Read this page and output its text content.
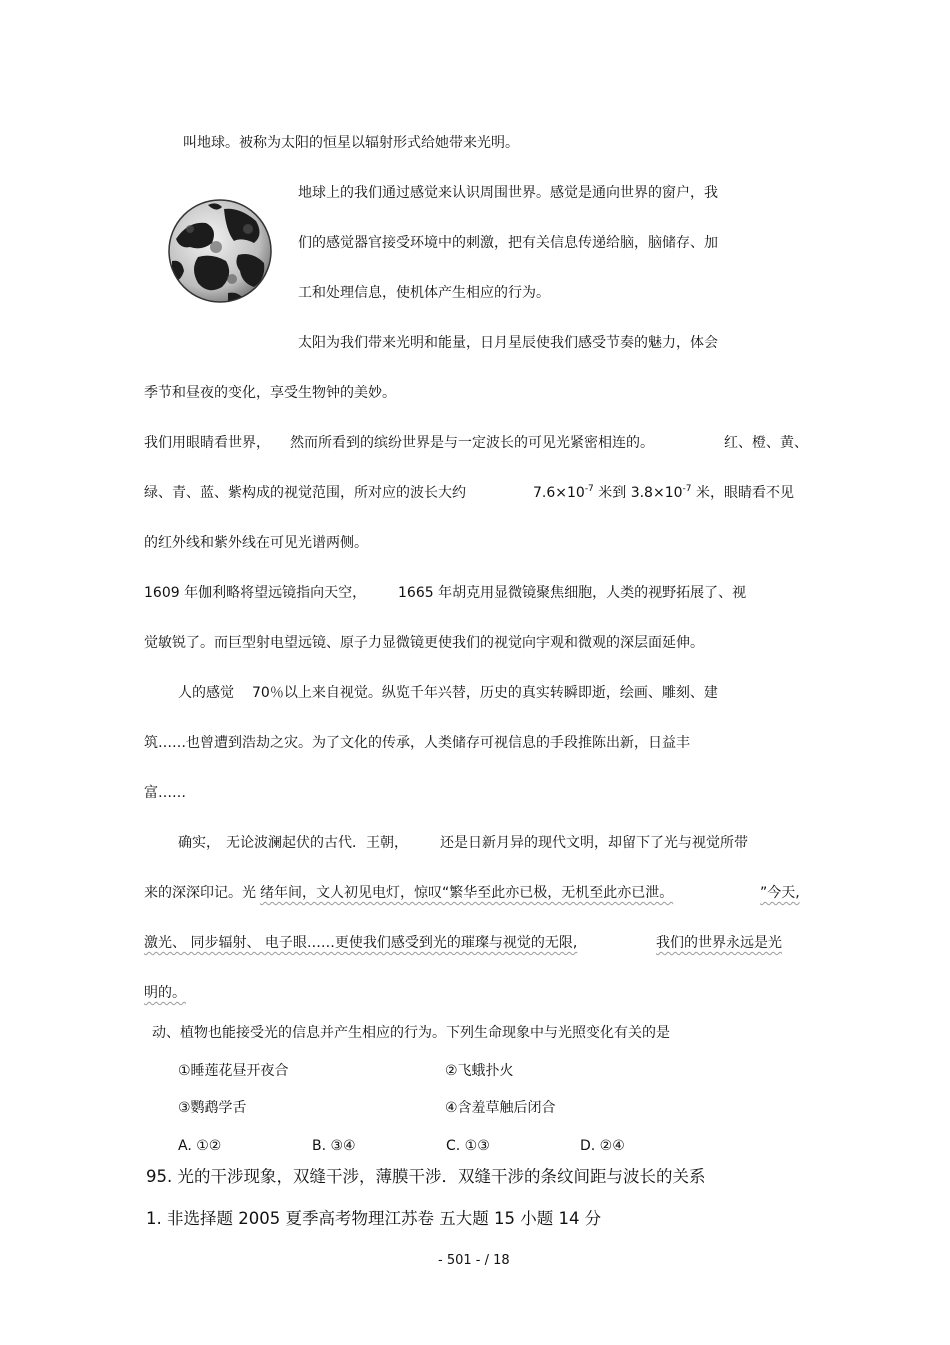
叫地球。被称为太阳的恒星以辐射形式给她带来光明。
地球上的我们通过感觉来认识周围世界。感觉是通向世界的窗户，我
们的感觉器官接受环境中的刺激，把有关信息传递给脑，脑储存、加
工和处理信息，使机体产生相应的行为。
太阳为我们带来光明和能量，日月星辰使我们感受节奏的魅力，体会
季节和昼夜的变化，享受生物钟的美妙。
我们用眼睛看世界， 然而所看到的缤纷世界是与一定波长的可见光紧密相连的。	红、橙、黄、
绿、青、蓝、紫构成的视觉范围，所对应的波长大约	$7.6\times 10^{-7}$ 米到 $3.8\times 10^{-7}$ 米，眼睛看不见
的红外线和紫外线在可见光谱两侧。
1609 年伽利略将望远镜指向天空， 1665 年胡克用显微镜聚焦细胞，人类的视野拓展了、视
觉敏锐了。而巨型射电望远镜、原子力显微镜更使我们的视觉向宇观和微观的深层面延伸。
人的感觉 70％以上来自视觉。纵览千年兴替，历史的真实转瞬即逝，绘画、雕刻、建
筑……也曾遭到浩劫之灾。为了文化的传承，人类储存可视信息的手段推陈出新，日益丰
富……
确实， 无论波澜起伏的古代．王朝， 还是日新月异的现代文明，却留下了光与视觉所带
来的深深印记。光 绪年间，文人初见电灯，惊叹“繁华至此亦已极，无机至此亦已泄。	”今天,
激光、 同步辐射、 电子眼……更使我们感受到光的璀璨与视觉的无限,	我们的世界永远是光
明的。
动、植物也能接受光的信息并产生相应的行为。下列生命现象中与光照变化有关的是
①睡莲花昼开夜合	②飞蛾扑火
③鹦鹉学舌	④含羞草触后闭合
A. ①②	B. ③④	C. ①③	D. ②④
95. 光的干涉现象，双缝干涉，薄膜干涉．双缝干涉的条纹间距与波长的关系
1. 非选择题 2005 夏季高考物理江苏卷 五大题 15 小题 14 分
- 501 - / 18
